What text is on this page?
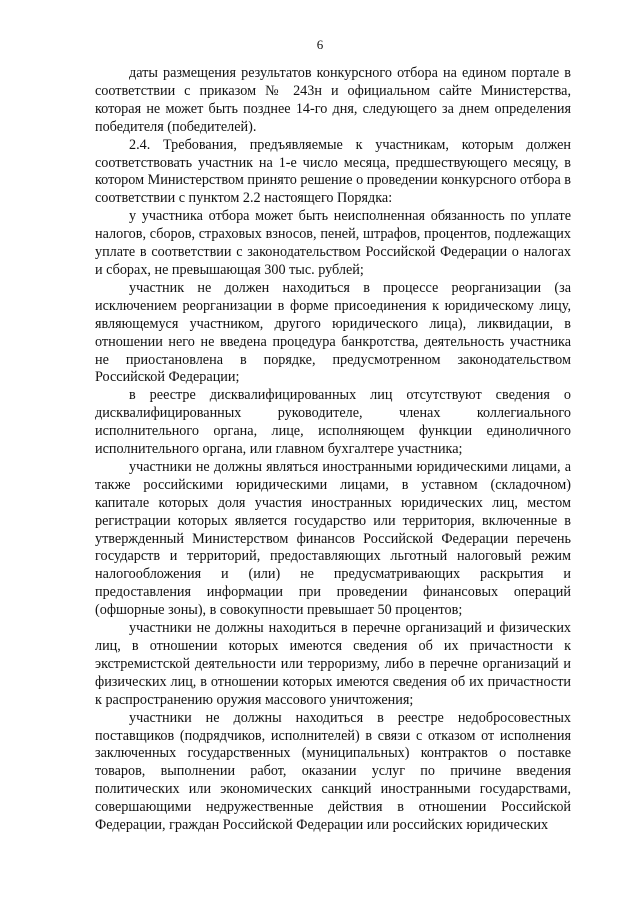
6

даты размещения результатов конкурсного отбора на едином портале в соответствии с приказом № 243н и официальном сайте Министерства, которая не может быть позднее 14-го дня, следующего за днем определения победителя (победителей).

2.4. Требования, предъявляемые к участникам, которым должен соответствовать участник на 1-е число месяца, предшествующего месяцу, в котором Министерством принято решение о проведении конкурсного отбора в соответствии с пунктом 2.2 настоящего Порядка:

у участника отбора может быть неисполненная обязанность по уплате налогов, сборов, страховых взносов, пеней, штрафов, процентов, подлежащих уплате в соответствии с законодательством Российской Федерации о налогах и сборах, не превышающая 300 тыс. рублей;

участник не должен находиться в процессе реорганизации (за исключением реорганизации в форме присоединения к юридическому лицу, являющемуся участником, другого юридического лица), ликвидации, в отношении него не введена процедура банкротства, деятельность участника не приостановлена в порядке, предусмотренном законодательством Российской Федерации;

в реестре дисквалифицированных лиц отсутствуют сведения о дисквалифицированных руководителе, членах коллегиального исполнительного органа, лице, исполняющем функции единоличного исполнительного органа, или главном бухгалтере участника;

участники не должны являться иностранными юридическими лицами, а также российскими юридическими лицами, в уставном (складочном) капитале которых доля участия иностранных юридических лиц, местом регистрации которых является государство или территория, включенные в утвержденный Министерством финансов Российской Федерации перечень государств и территорий, предоставляющих льготный налоговый режим налогообложения и (или) не предусматривающих раскрытия и предоставления информации при проведении финансовых операций (офшорные зоны), в совокупности превышает 50 процентов;

участники не должны находиться в перечне организаций и физических лиц, в отношении которых имеются сведения об их причастности к экстремистской деятельности или терроризму, либо в перечне организаций и физических лиц, в отношении которых имеются сведения об их причастности к распространению оружия массового уничтожения;

участники не должны находиться в реестре недобросовестных поставщиков (подрядчиков, исполнителей) в связи с отказом от исполнения заключенных государственных (муниципальных) контрактов о поставке товаров, выполнении работ, оказании услуг по причине введения политических или экономических санкций иностранными государствами, совершающими недружественные действия в отношении Российской Федерации, граждан Российской Федерации или российских юридических
